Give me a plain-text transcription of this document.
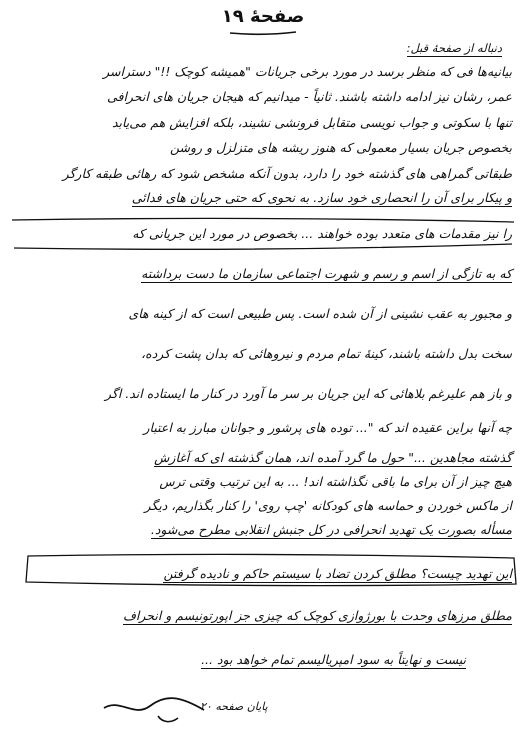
صفحهٔ ۱۹
دنباله از صفحهٔ قبل:
بیانیه‌ها فی که منظر برسد در مورد برخی جریانات "همیشه کوچک !!" دستراسر
عمر، رشان نیز ادامه داشته باشند. ثانیاً - میدانیم که هیجان جریان های انحرافی
تنها با سکوتی و جواب نویسی متقابل فرونشی نشیند، بلکه افزایش هم می‌یابد
بخصوص جریان بسیار معمولی که هنوز ریشه های متزلزل و روشن
طبقاتی گمراهی های گذشته خود را دارد، بدون آنکه مشخص شود که رهائی طبقه کارگر
و پیکار برای آن را انحصاری خود سازد. به نحوی که حتی جریان های فدائی
را نیز مقدمات های متعدد بوده خواهند ... بخصوص در مورد این جریانی که
که به تازگی از اسم و رسم و شهرت اجتماعی سازمان ما دست برداشته
و مجبور به عقب نشینی از آن شده است. پس طبیعی است که از کینه های
سخت بدل داشته باشند، کینهٔ تمام مردم و نیروهائی که بدان پشت کرده،
و باز هم علیرغم بلاهائی که این جریان بر سر ما آورد در کنار ما ایستاده اند. اگر
چه آنها براین عقیده اند که "... توده های پرشور و جوانان مبارز به اعتبار
گذشته مجاهدین ..." حول ما گرد آمده اند، همان گذشته ای که آغازش
هیچ چیز از آن برای ما باقی نگذاشته اند! ... به این ترتیب وقتی ترس
از ماکس خوردن و حماسه های کودکانه 'چپ روی' را کنار بگذاریم، دیگر
مسأله بصورت یک تهدید انحرافی در کل جنبش انقلابی مطرح می‌شود.
این تهدید چیست؟ مطلق کردن تضاد با سیستم حاکم و نادیده گرفتن
مطلق مرزهای وحدت با بورژوازی کوچک که چیزی جز اپورتونیسم و انحراف
نیست و نهایتاً به سود امپریالیسم تمام خواهد بود ...
پایان صفحه ۲۰
